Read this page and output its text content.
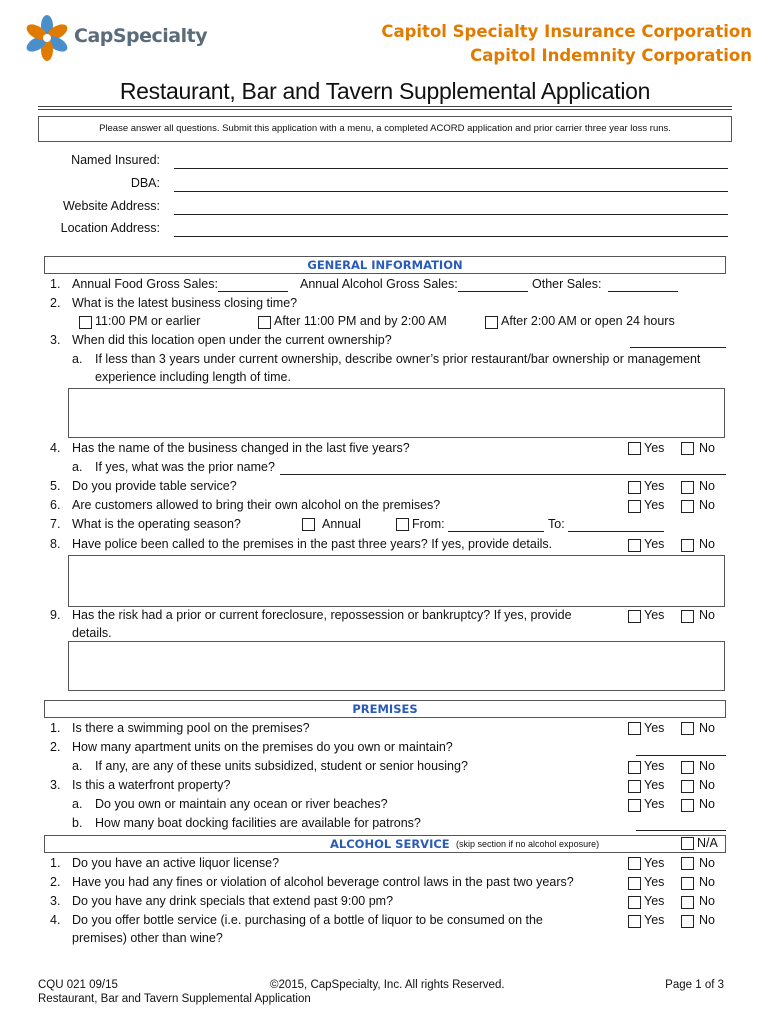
CapSpecialty	Capitol Specialty Insurance Corporation
Capitol Indemnity Corporation
Restaurant, Bar and Tavern Supplemental Application
Please answer all questions. Submit this application with a menu, a completed ACORD application and prior carrier three year loss runs.
Named Insured:
DBA:
Website Address:
Location Address:
GENERAL INFORMATION
1. Annual Food Gross Sales:	Annual Alcohol Gross Sales:	Other Sales:
2. What is the latest business closing time?
11:00 PM or earlier	After 11:00 PM and by 2:00 AM	After 2:00 AM or open 24 hours
3. When did this location open under the current ownership?
a. If less than 3 years under current ownership, describe owner’s prior restaurant/bar ownership or management
experience including length of time.
4. Has the name of the business changed in the last five years?	Yes	No
a. If yes, what was the prior name?
5. Do you provide table service?	Yes	No
6. Are customers allowed to bring their own alcohol on the premises?	Yes	No
7. What is the operating season?	Annual	From:	To:
8. Have police been called to the premises in the past three years? If yes, provide details.	Yes	No
9. Has the risk had a prior or current foreclosure, repossession or bankruptcy? If yes, provide
details.
Yes	No
PREMISES
1. Is there a swimming pool on the premises?	Yes	No
2. How many apartment units on the premises do you own or maintain?
a. If any, are any of these units subsidized, student or senior housing?	Yes	No
3. Is this a waterfront property?	Yes	No
a. Do you own or maintain any ocean or river beaches?	Yes	No
b. How many boat docking facilities are available for patrons?
ALCOHOL SERVICE (skip section if no alcohol exposure)	N/A
1. Do you have an active liquor license?	Yes	No
2. Have you had any fines or violation of alcohol beverage control laws in the past two years?	Yes	No
3. Do you have any drink specials that extend past 9:00 pm?	Yes	No
4. Do you offer bottle service (i.e. purchasing of a bottle of liquor to be consumed on the
premises) other than wine?
Yes	No
CQU 021 09/15
Restaurant, Bar and Tavern Supplemental Application
©2015, CapSpecialty, Inc. All rights Reserved.	Page 1 of 3
